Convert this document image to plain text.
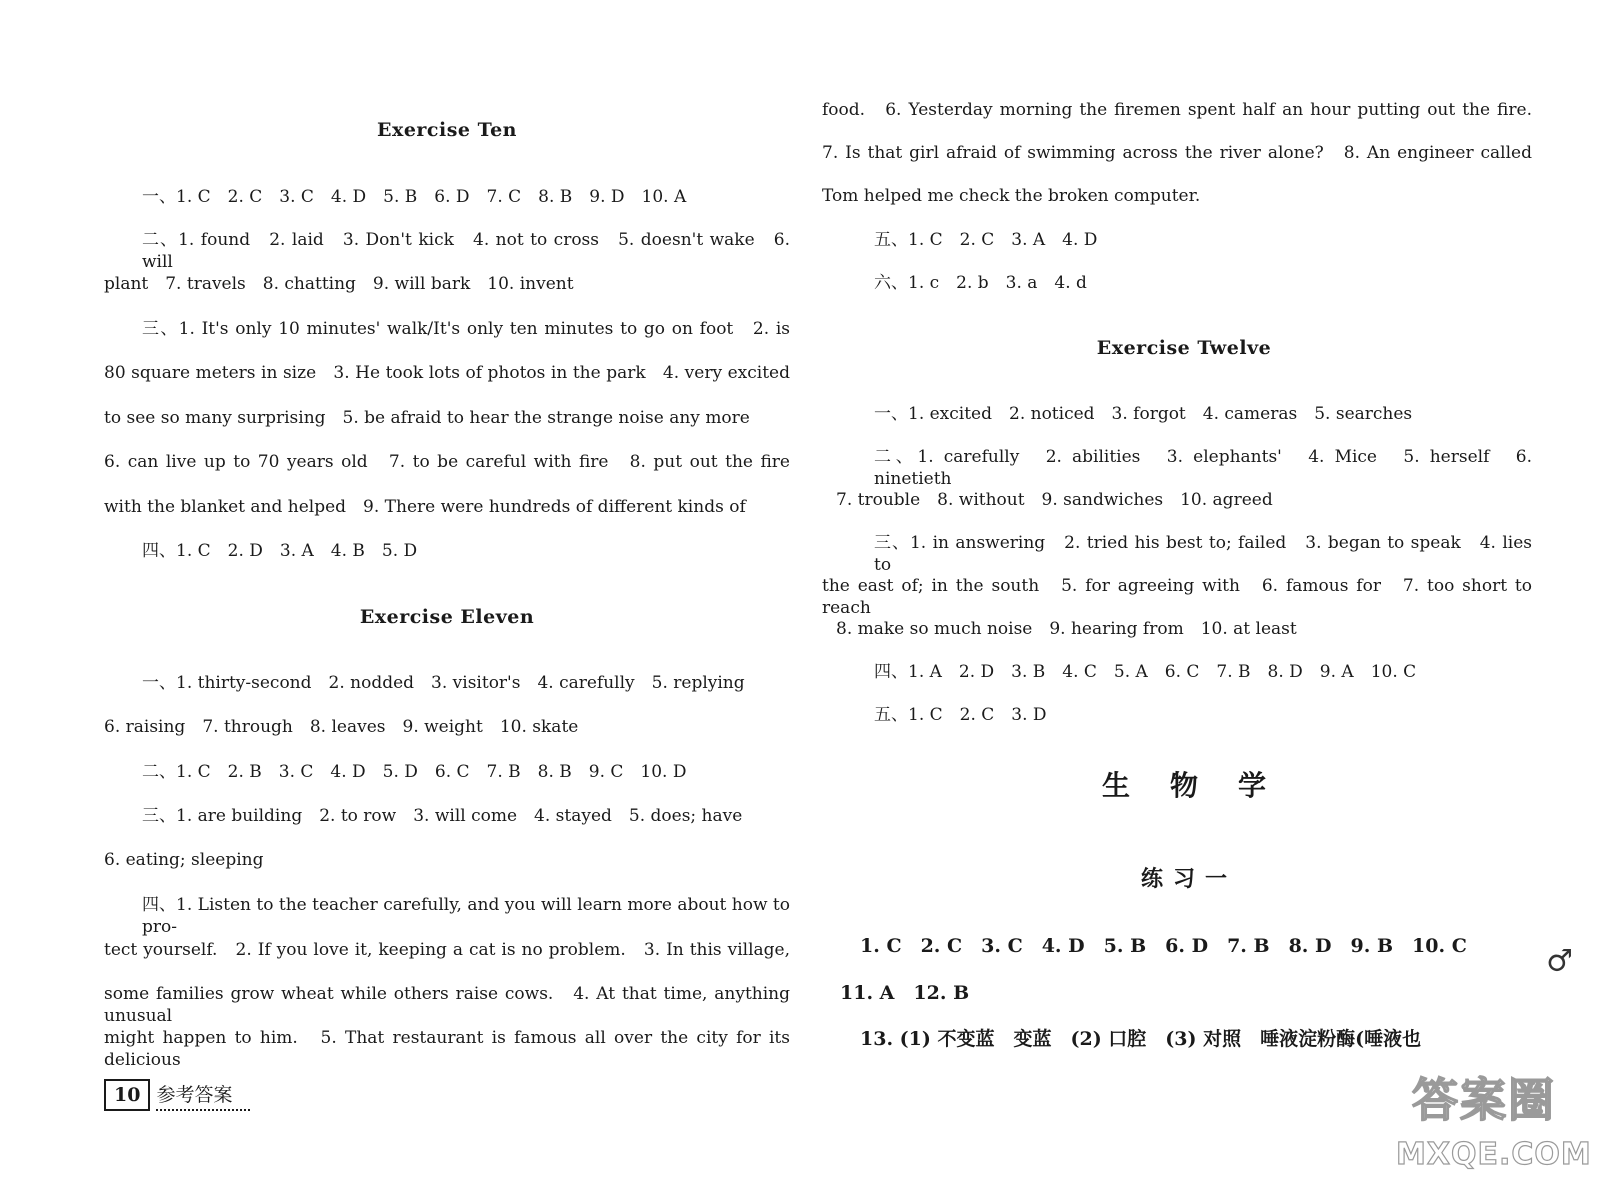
Exercise Ten
一、1. C　2. C　3. C　4. D　5. B　6. D　7. C　8. B　9. D　10. A
二、1. found　2. laid　3. Don't kick　4. not to cross　5. doesn't wake　6. will
plant　7. travels　8. chatting　9. will bark　10. invent
三、1. It's only 10 minutes' walk/It's only ten minutes to go on foot　2. is
80 square meters in size　3. He took lots of photos in the park　4. very excited
to see so many surprising　5. be afraid to hear the strange noise any more
6. can live up to 70 years old　7. to be careful with fire　8. put out the fire
with the blanket and helped　9. There were hundreds of different kinds of
四、1. C　2. D　3. A　4. B　5. D
Exercise Eleven
一、1. thirty-second　2. nodded　3. visitor's　4. carefully　5. replying
6. raising　7. through　8. leaves　9. weight　10. skate
二、1. C　2. B　3. C　4. D　5. D　6. C　7. B　8. B　9. C　10. D
三、1. are building　2. to row　3. will come　4. stayed　5. does; have
6. eating; sleeping
四、1. Listen to the teacher carefully, and you will learn more about how to pro-
tect yourself.　2. If you love it, keeping a cat is no problem.　3. In this village,
some families grow wheat while others raise cows.　4. At that time, anything unusual
might happen to him.　5. That restaurant is famous all over the city for its delicious
food.　6. Yesterday morning the firemen spent half an hour putting out the fire.
7. Is that girl afraid of swimming across the river alone?　8. An engineer called
Tom helped me check the broken computer.
五、1. C　2. C　3. A　4. D
六、1. c　2. b　3. a　4. d
Exercise Twelve
一、1. excited　2. noticed　3. forgot　4. cameras　5. searches
二、1. carefully　2. abilities　3. elephants'　4. Mice　5. herself　6. ninetieth
7. trouble　8. without　9. sandwiches　10. agreed
三、1. in answering　2. tried his best to; failed　3. began to speak　4. lies to
the east of; in the south　5. for agreeing with　6. famous for　7. too short to reach
8. make so much noise　9. hearing from　10. at least
四、1. A　2. D　3. B　4. C　5. A　6. C　7. B　8. D　9. A　10. C
五、1. C　2. C　3. D
生物学
练习一
1. C　2. C　3. C　4. D　5. B　6. D　7. B　8. D　9. B　10. C
11. A　12. B
13. (1) 不变蓝　变蓝　(2) 口腔　(3) 对照　唾液淀粉酶(唾液也
10 参考答案
♂
答案圈
MXQE.COM
